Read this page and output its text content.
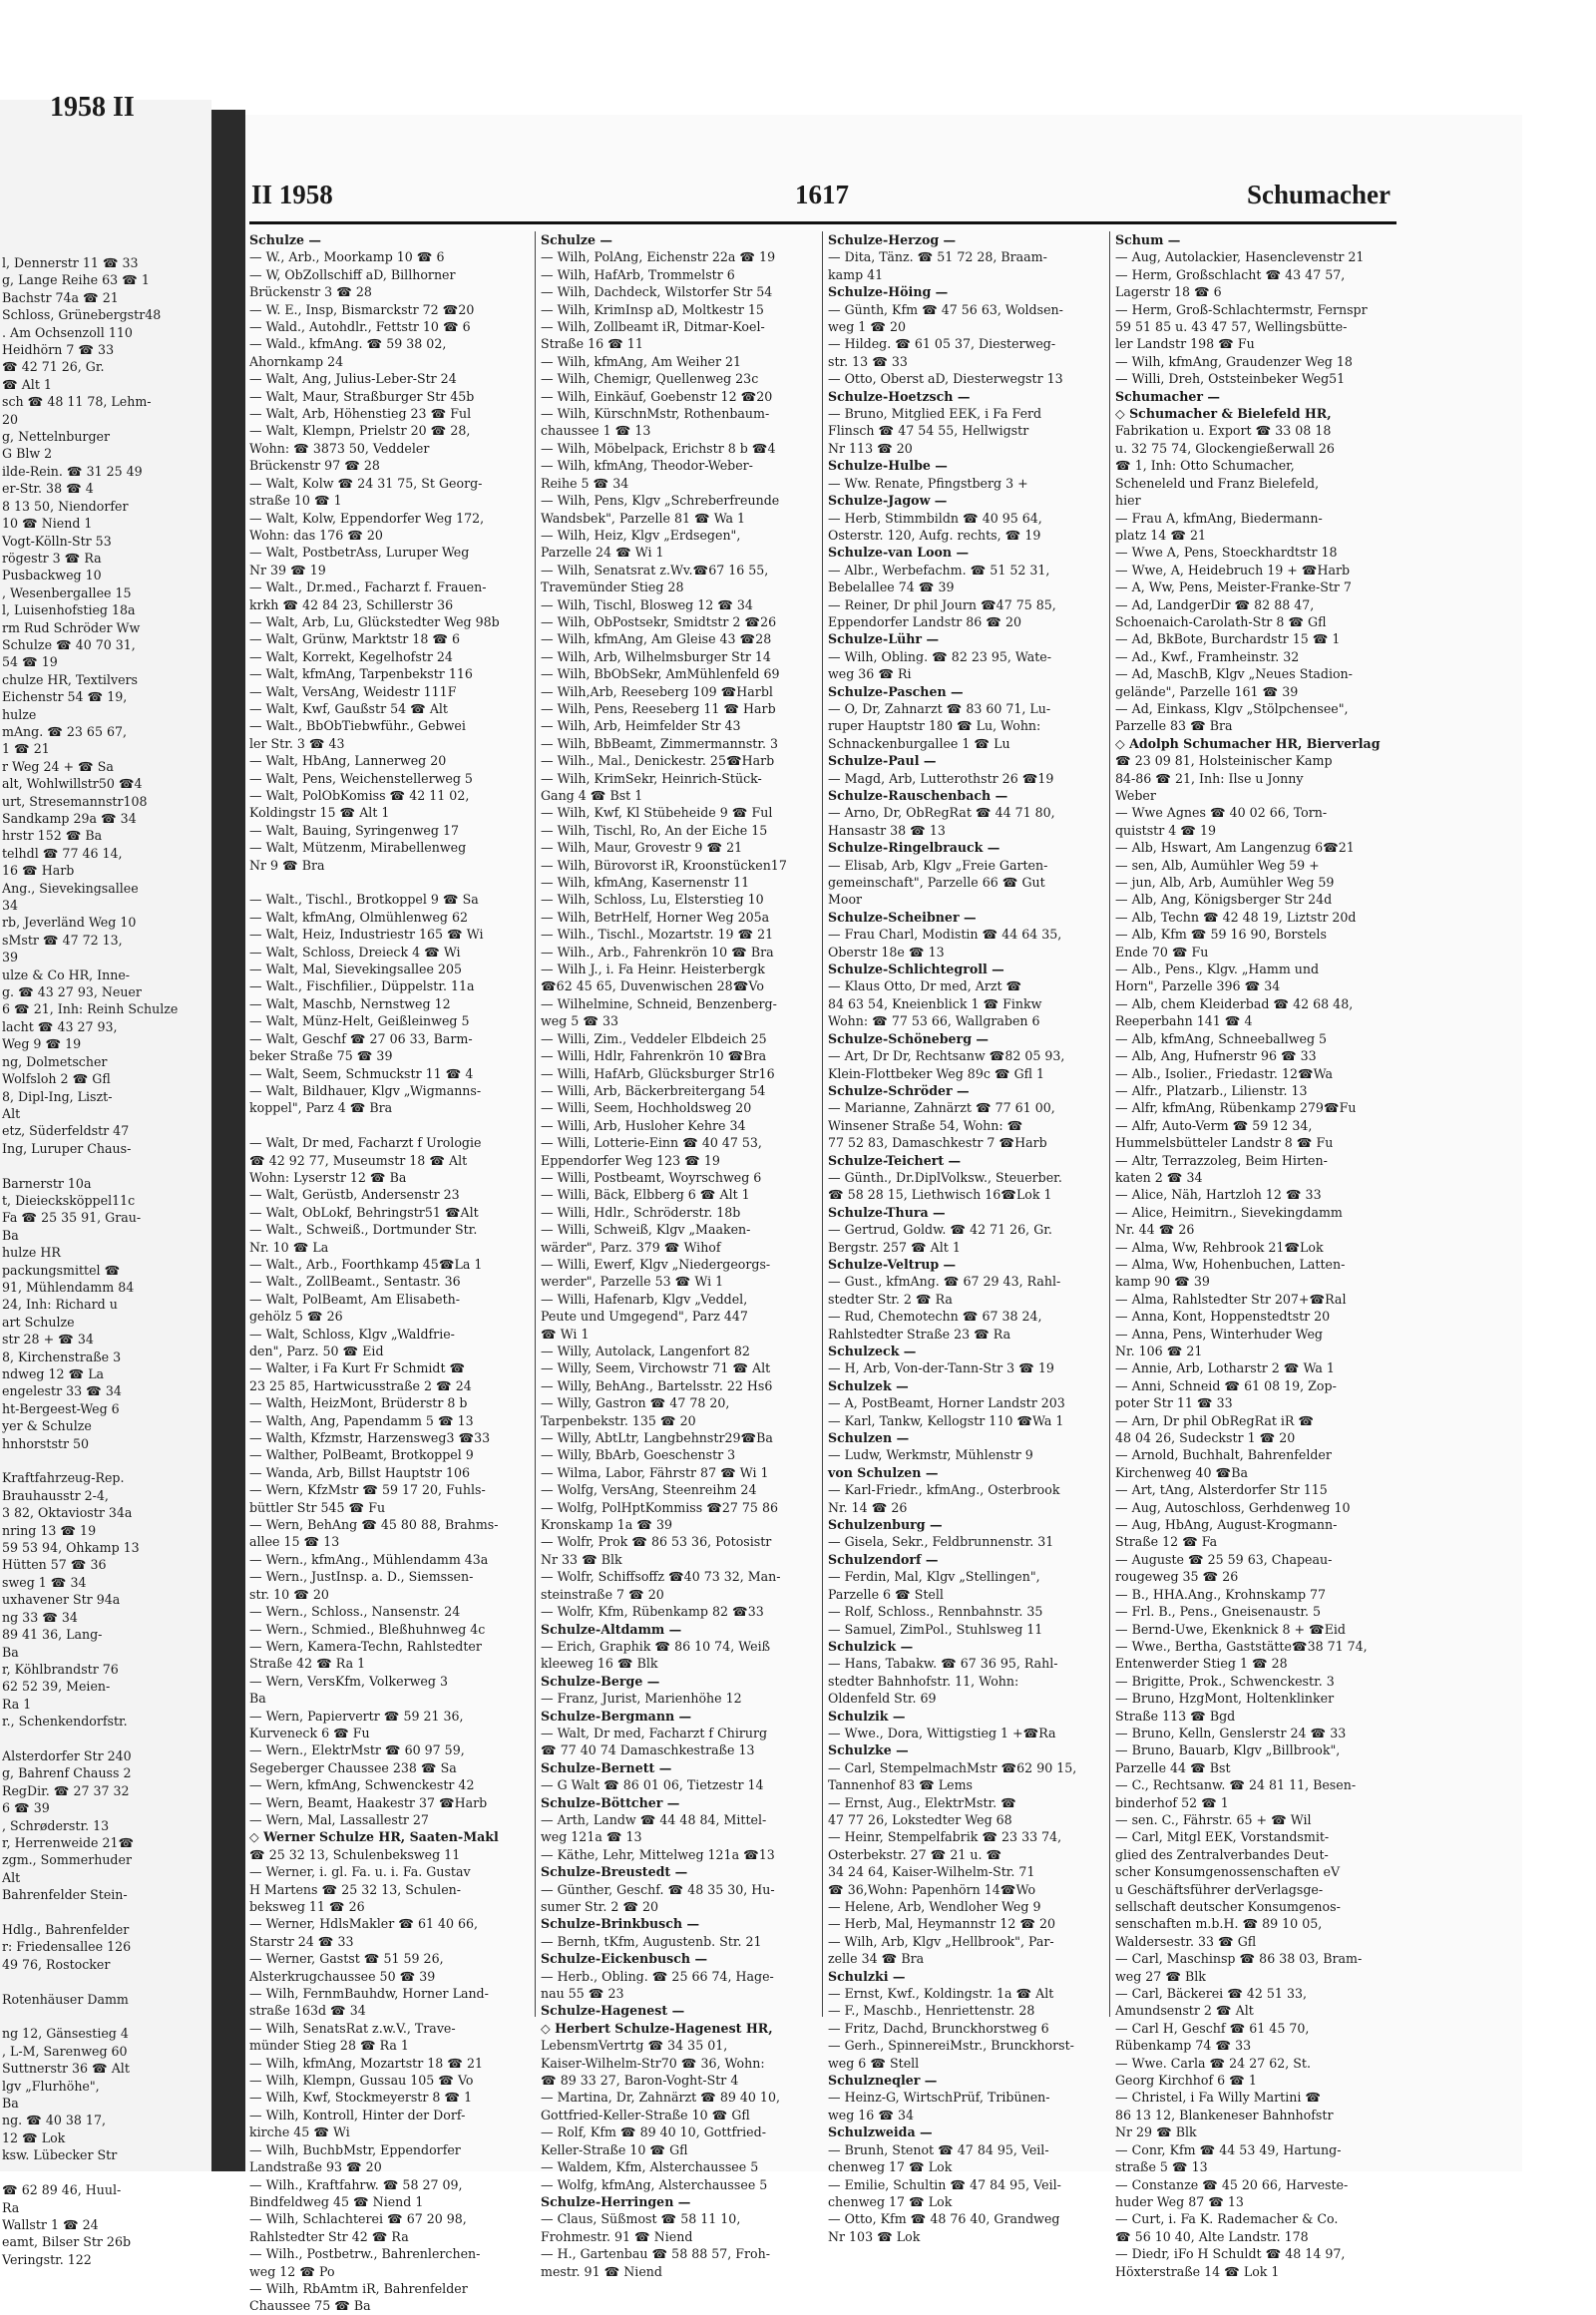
1958 II
l, Dennerstr 11 ☎ 33
g, Lange Reihe 63 ☎ 1
Bachstr 74a ☎ 21
Schloss, Grünebergstr48
. Am Ochsenzoll 110
Heidhörn 7 ☎ 33
☎ 42 71 26, Gr.
☎ Alt 1
sch ☎ 48 11 78, Lehm-
20
g, Nettelnburger
G Blw 2
ilde-Rein. ☎ 31 25 49
er-Str. 38 ☎ 4
8 13 50, Niendorfer
10 ☎ Niend 1
Vogt-Kölln-Str 53
rögestr 3 ☎ Ra
Pusbackweg 10
, Wesenbergallee 15
l, Luisenhofstieg 18a
rm Rud Schröder Ww
Schulze ☎ 40 70 31,
54 ☎ 19
chulze HR, Textilvers
Eichenstr 54 ☎ 19,
hulze
mAng. ☎ 23 65 67,
1 ☎ 21
r Weg 24 + ☎ Sa
alt, Wohlwillstr50 ☎4
urt, Stresemannstr108
Sandkamp 29a ☎ 34
hrstr 152 ☎ Ba
telhdl ☎ 77 46 14,
16 ☎ Harb
Ang., Sievekingsallee
34
rb, Jeverländ Weg 10
sMstr ☎ 47 72 13,
39
ulze & Co HR, Inne-
g. ☎ 43 27 93, Neuer
6 ☎ 21, Inh: Reinh Schulze
lacht ☎ 43 27 93,
Weg 9 ☎ 19
ng, Dolmetscher
Wolfsloh 2 ☎ Gfl
8, Dipl-Ing, Liszt-
Alt
etz, Süderfeldstr 47
Ing, Luruper Chaus-

Barnerstr 10a
t, Dieiecksköppel11c
Fa ☎ 25 35 91, Grau-
Ba
hulze HR
packungsmittel ☎
91, Mühlendamm 84
24, Inh: Richard u
art Schulze
str 28 + ☎ 34
8, Kirchenstraße 3
ndweg 12 ☎ La
engelestr 33 ☎ 34
ht-Bergeest-Weg 6
yer & Schulze
hnhorststr 50

Kraftfahrzeug-Rep.
Brauhausstr 2-4,
3 82, Oktaviostr 34a
nring 13 ☎ 19
59 53 94, Ohkamp 13
Hütten 57 ☎ 36
sweg 1 ☎ 34
uxhavener Str 94a
ng 33 ☎ 34
89 41 36, Lang-
Ba
r, Köhlbrandstr 76
62 52 39, Meien-
Ra 1
r., Schenkendorfstr.

Alsterdorfer Str 240
g, Bahrenf Chauss 2
RegDir. ☎ 27 37 32
6 ☎ 39
, Schrøderstr. 13
r, Herrenweide 21☎
zgm., Sommerhuder
Alt
Bahrenfelder Stein-

Hdlg., Bahrenfelder
r: Friedensallee 126
49 76, Rostocker

Rotenhäuser Damm

ng 12, Gänsestieg 4
, L-M, Sarenweg 60
Suttnerstr 36 ☎ Alt
lgv „Flurhöhe",
Ba
ng. ☎ 40 38 17,
12 ☎ Lok
ksw. Lübecker Str

☎ 62 89 46, Huul-
Ra
Wallstr 1 ☎ 24
eamt, Bilser Str 26b
Veringstr. 122
II 1958	1617	Schumacher
Schulze —
— W., Arb., Moorkamp 10 ☎ 6
— W, ObZollschiff aD, Billhorner
Brückenstr 3 ☎ 28
— W. E., Insp, Bismarckstr 72 ☎20
— Wald., Autohdlr., Fettstr 10 ☎ 6
— Wald., kfmAng. ☎ 59 38 02,
Ahornkamp 24
— Walt, Ang, Julius-Leber-Str 24
— Walt, Maur, Straßburger Str 45b
— Walt, Arb, Höhenstieg 23 ☎ Ful
— Walt, Klempn, Prielstr 20 ☎ 28,
Wohn: ☎ 3873 50, Veddeler
Brückenstr 97 ☎ 28
— Walt, Kolw ☎ 24 31 75, St Georg-
straße 10 ☎ 1
— Walt, Kolw, Eppendorfer Weg 172,
Wohn: das 176 ☎ 20
— Walt, PostbetrAss, Luruper Weg
Nr 39 ☎ 19
— Walt., Dr.med., Facharzt f. Frauen-
krkh ☎ 42 84 23, Schillerstr 36
— Walt, Arb, Lu, Glückstedter Weg 98b
— Walt, Grünw, Marktstr 18 ☎ 6
— Walt, Korrekt, Kegelhofstr 24
— Walt, kfmAng, Tarpenbekstr 116
— Walt, VersAng, Weidestr 111F
— Walt, Kwf, Gaußstr 54 ☎ Alt
— Walt., BbObTiebwführ., Gebwei
ler Str. 3 ☎ 43
— Walt, HbAng, Lannerweg 20
— Walt, Pens, Weichenstellerweg 5
— Walt, PolObKomiss ☎ 42 11 02,
Koldingstr 15 ☎ Alt 1
— Walt, Bauing, Syringenweg 17
— Walt, Mützenm, Mirabellenweg
Nr 9 ☎ Bra

— Walt., Tischl., Brotkoppel 9 ☎ Sa
— Walt, kfmAng, Olmühlenweg 62
— Walt, Heiz, Industriestr 165 ☎ Wi
— Walt, Schloss, Dreieck 4 ☎ Wi
— Walt, Mal, Sievekingsallee 205
— Walt., Fischfilier., Düppelstr. 11a
— Walt, Maschb, Nernstweg 12
— Walt, Münz-Helt, Geißleinweg 5
— Walt, Geschf ☎ 27 06 33, Barm-
beker Straße 75 ☎ 39
— Walt, Seem, Schmuckstr 11 ☎ 4
— Walt, Bildhauer, Klgv „Wigmanns-
koppel", Parz 4 ☎ Bra

— Walt, Dr med, Facharzt f Urologie
☎ 42 92 77, Museumstr 18 ☎ Alt
Wohn: Lyserstr 12 ☎ Ba
— Walt, Gerüstb, Andersenstr 23
— Walt, ObLokf, Behringstr51 ☎Alt
— Walt., Schweiß., Dortmunder Str.
Nr. 10 ☎ La
— Walt., Arb., Foorthkamp 45☎La 1
— Walt., ZollBeamt., Sentastr. 36
— Walt, PolBeamt, Am Elisabeth-
gehölz 5 ☎ 26
— Walt, Schloss, Klgv „Waldfrie-
den", Parz. 50 ☎ Eid
— Walter, i Fa Kurt Fr Schmidt ☎
23 25 85, Hartwicusstraße 2 ☎ 24
— Walth, HeizMont, Brüderstr 8 b
— Walth, Ang, Papendamm 5 ☎ 13
— Walth, Kfzmstr, Harzensweg3 ☎33
— Walther, PolBeamt, Brotkoppel 9
— Wanda, Arb, Billst Hauptstr 106
— Wern, KfzMstr ☎ 59 17 20, Fuhls-
büttler Str 545 ☎ Fu
— Wern, BehAng ☎ 45 80 88, Brahms-
allee 15 ☎ 13
— Wern., kfmAng., Mühlendamm 43a
— Wern., JustInsp. a. D., Siemssen-
str. 10 ☎ 20
— Wern., Schloss., Nansenstr. 24
— Wern., Schmied., Bleßhuhnweg 4c
— Wern, Kamera-Techn, Rahlstedter
Straße 42 ☎ Ra 1
— Wern, VersKfm, Volkerweg 3
Ba
— Wern, Papiervertr ☎ 59 21 36,
Kurveneck 6 ☎ Fu
— Wern., ElektrMstr ☎ 60 97 59,
Segeberger Chaussee 238 ☎ Sa
— Wern, kfmAng, Schwenckestr 42
— Wern, Beamt, Haakestr 37 ☎Harb
— Wern, Mal, Lassallestr 27
◇ Werner Schulze HR, Saaten-Makl
☎ 25 32 13, Schulenbeksweg 11
— Werner, i. gl. Fa. u. i. Fa. Gustav
H Martens ☎ 25 32 13, Schulen-
beksweg 11 ☎ 26
— Werner, HdlsMakler ☎ 61 40 66,
Starstr 24 ☎ 33
— Werner, Gastst ☎ 51 59 26,
Alsterkrugchaussee 50 ☎ 39
— Wilh, FernmBauhdw, Horner Land-
straße 163d ☎ 34
— Wilh, SenatsRat z.w.V., Trave-
münder Stieg 28 ☎ Ra 1
— Wilh, kfmAng, Mozartstr 18 ☎ 21
— Wilh, Klempn, Gussau 105 ☎ Vo
— Wilh, Kwf, Stockmeyerstr 8 ☎ 1
— Wilh, Kontroll, Hinter der Dorf-
kirche 45 ☎ Wi
— Wilh, BuchbMstr, Eppendorfer
Landstraße 93 ☎ 20
— Wilh., Kraftfahrw. ☎ 58 27 09,
Bindfeldweg 45 ☎ Niend 1
— Wilh, Schlachterei ☎ 67 20 98,
Rahlstedter Str 42 ☎ Ra
— Wilh., Postbetrw., Bahrenlerchen-
weg 12 ☎ Po
— Wilh, RbAmtm iR, Bahrenfelder
Chaussee 75 ☎ Ba
Schulze —
— Wilh, PolAng, Eichenstr 22a ☎ 19
— Wilh, HafArb, Trommelstr 6
— Wilh, Dachdeck, Wilstorfer Str 54
— Wilh, KrimInsp aD, Moltkestr 15
— Wilh, Zollbeamt iR, Ditmar-Koel-
Straße 16 ☎ 11
— Wilh, kfmAng, Am Weiher 21
— Wilh, Chemigr, Quellenweg 23c
— Wilh, Einkäuf, Goebenstr 12 ☎20
— Wilh, KürschnMstr, Rothenbaum-
chaussee 1 ☎ 13
— Wilh, Möbelpack, Erichstr 8 b ☎4
— Wilh, kfmAng, Theodor-Weber-
Reihe 5 ☎ 34
— Wilh, Pens, Klgv „Schreberfreunde
Wandsbek", Parzelle 81 ☎ Wa 1
— Wilh, Heiz, Klgv „Erdsegen",
Parzelle 24 ☎ Wi 1
— Wilh, Senatsrat z.Wv.☎67 16 55,
Travemünder Stieg 28
— Wilh, Tischl, Blosweg 12 ☎ 34
— Wilh, ObPostsekr, Smidtstr 2 ☎26
— Wilh, kfmAng, Am Gleise 43 ☎28
— Wilh, Arb, Wilhelmsburger Str 14
— Wilh, BbObSekr, AmMühlenfeld 69
— Wilh,Arb, Reeseberg 109 ☎Harbl
— Wilh, Pens, Reeseberg 11 ☎ Harb
— Wilh, Arb, Heimfelder Str 43
— Wilh, BbBeamt, Zimmermannstr. 3
— Wilh., Mal., Denickestr. 25☎Harb
— Wilh, KrimSekr, Heinrich-Stück-
Gang 4 ☎ Bst 1
— Wilh, Kwf, Kl Stübeheide 9 ☎ Ful
— Wilh, Tischl, Ro, An der Eiche 15
— Wilh, Maur, Grovestr 9 ☎ 21
— Wilh, Bürovorst iR, Kroonstücken17
— Wilh, kfmAng, Kasernenstr 11
— Wilh, Schloss, Lu, Elsterstieg 10
— Wilh, BetrHelf, Horner Weg 205a
— Wilh., Tischl., Mozartstr. 19 ☎ 21
— Wilh., Arb., Fahrenkrön 10 ☎ Bra
— Wilh J., i. Fa Heinr. Heisterbergk
☎62 45 65, Duvenwischen 28☎Vo
— Wilhelmine, Schneid, Benzenberg-
weg 5 ☎ 33
— Willi, Zim., Veddeler Elbdeich 25
— Willi, Hdlr, Fahrenkrön 10 ☎Bra
— Willi, HafArb, Glücksburger Str16
— Willi, Arb, Bäckerbreitergang 54
— Willi, Seem, Hochholdsweg 20
— Willi, Arb, Husloher Kehre 34
— Willi, Lotterie-Einn ☎ 40 47 53,
Eppendorfer Weg 123 ☎ 19
— Willi, Postbeamt, Woyrschweg 6
— Willi, Bäck, Elbberg 6 ☎ Alt 1
— Willi, Hdlr., Schröderstr. 18b
— Willi, Schweiß, Klgv „Maaken-
wärder", Parz. 379 ☎ Wihof
— Willi, Ewerf, Klgv „Niedergeorgs-
werder", Parzelle 53 ☎ Wi 1
— Willi, Hafenarb, Klgv „Veddel,
Peute und Umgegend", Parz 447
☎ Wi 1
— Willy, Autolack, Langenfort 82
— Willy, Seem, Virchowstr 71 ☎ Alt
— Willy, BehAng., Bartelsstr. 22 Hs6
— Willy, Gastron ☎ 47 78 20,
Tarpenbekstr. 135 ☎ 20
— Willy, AbtLtr, Langbehnstr29☎Ba
— Willy, BbArb, Goeschenstr 3
— Wilma, Labor, Fährstr 87 ☎ Wi 1
— Wolfg, VersAng, Steenreihm 24
— Wolfg, PolHptKommiss ☎27 75 86
Kronskamp 1a ☎ 39
— Wolfr, Prok ☎ 86 53 36, Potosistr
Nr 33 ☎ Blk
— Wolfr, Schiffsoffz ☎40 73 32, Man-
steinstraße 7 ☎ 20
— Wolfr, Kfm, Rübenkamp 82 ☎33
Schulze-Altdamm —
— Erich, Graphik ☎ 86 10 74, Weiß
kleeweg 16 ☎ Blk
Schulze-Berge —
— Franz, Jurist, Marienhöhe 12
Schulze-Bergmann —
— Walt, Dr med, Facharzt f Chirurg
☎ 77 40 74 Damaschkestraße 13
Schulze-Bernett —
— G Walt ☎ 86 01 06, Tietzestr 14
Schulze-Böttcher —
— Arth, Landw ☎ 44 48 84, Mittel-
weg 121a ☎ 13
— Käthe, Lehr, Mittelweg 121a ☎13
Schulze-Breustedt —
— Günther, Geschf. ☎ 48 35 30, Hu-
sumer Str. 2 ☎ 20
Schulze-Brinkbusch —
— Bernh, tKfm, Augustenb. Str. 21
Schulze-Eickenbusch —
— Herb., Obling. ☎ 25 66 74, Hage-
nau 55 ☎ 23
Schulze-Hagenest —
◇ Herbert Schulze-Hagenest HR,
LebensmVertrtg ☎ 34 35 01,
Kaiser-Wilhelm-Str70 ☎ 36, Wohn:
☎ 89 33 27, Baron-Voght-Str 4
— Martina, Dr, Zahnärzt ☎ 89 40 10,
Gottfried-Keller-Straße 10 ☎ Gfl
— Rolf, Kfm ☎ 89 40 10, Gottfried-
Keller-Straße 10 ☎ Gfl
— Waldem, Kfm, Alsterchaussee 5
— Wolfg, kfmAng, Alsterchaussee 5
Schulze-Herringen —
— Claus, Süßmost ☎ 58 11 10,
Frohmestr. 91 ☎ Niend
— H., Gartenbau ☎ 58 88 57, Froh-
mestr. 91 ☎ Niend
Schulze-Herzog —
— Dita, Tänz. ☎ 51 72 28, Braam-
kamp 41
Schulze-Höing —
— Günth, Kfm ☎ 47 56 63, Woldsen-
weg 1 ☎ 20
— Hildeg. ☎ 61 05 37, Diesterweg-
str. 13 ☎ 33
— Otto, Oberst aD, Diesterwegstr 13
Schulze-Hoetzsch —
— Bruno, Mitglied EEK, i Fa Ferd
Flinsch ☎ 47 54 55, Hellwigstr
Nr 113 ☎ 20
Schulze-Hulbe —
— Ww. Renate, Pfingstberg 3 +
Schulze-Jagow —
— Herb, Stimmbildn ☎ 40 95 64,
Osterstr. 120, Aufg. rechts, ☎ 19
Schulze-van Loon —
— Albr., Werbefachm. ☎ 51 52 31,
Bebelallee 74 ☎ 39
— Reiner, Dr phil Journ ☎47 75 85,
Eppendorfer Landstr 86 ☎ 20
Schulze-Lühr —
— Wilh, Obling. ☎ 82 23 95, Wate-
weg 36 ☎ Ri
Schulze-Paschen —
— O, Dr, Zahnarzt ☎ 83 60 71, Lu-
ruper Hauptstr 180 ☎ Lu, Wohn:
Schnackenburgallee 1 ☎ Lu
Schulze-Paul —
— Magd, Arb, Lutterothstr 26 ☎19
Schulze-Rauschenbach —
— Arno, Dr, ObRegRat ☎ 44 71 80,
Hansastr 38 ☎ 13
Schulze-Ringelbrauck —
— Elisab, Arb, Klgv „Freie Garten-
gemeinschaft", Parzelle 66 ☎ Gut
Moor
Schulze-Scheibner —
— Frau Charl, Modistin ☎ 44 64 35,
Oberstr 18e ☎ 13
Schulze-Schlichtegroll —
— Klaus Otto, Dr med, Arzt ☎
84 63 54, Kneienblick 1 ☎ Finkw
Wohn: ☎ 77 53 66, Wallgraben 6
Schulze-Schöneberg —
— Art, Dr Dr, Rechtsanw ☎82 05 93,
Klein-Flottbeker Weg 89c ☎ Gfl 1
Schulze-Schröder —
— Marianne, Zahnärzt ☎ 77 61 00,
Winsener Straße 54, Wohn: ☎
77 52 83, Damaschkestr 7 ☎Harb
Schulze-Teichert —
— Günth., Dr.DiplVolksw., Steuerber.
☎ 58 28 15, Liethwisch 16☎Lok 1
Schulze-Thura —
— Gertrud, Goldw. ☎ 42 71 26, Gr.
Bergstr. 257 ☎ Alt 1
Schulze-Veltrup —
— Gust., kfmAng. ☎ 67 29 43, Rahl-
stedter Str. 2 ☎ Ra
— Rud, Chemotechn ☎ 67 38 24,
Rahlstedter Straße 23 ☎ Ra
Schulzeck —
— H, Arb, Von-der-Tann-Str 3 ☎ 19
Schulzek —
— A, PostBeamt, Horner Landstr 203
— Karl, Tankw, Kellogstr 110 ☎Wa 1
Schulzen —
— Ludw, Werkmstr, Mühlenstr 9
von Schulzen —
— Karl-Friedr., kfmAng., Osterbrook
Nr. 14 ☎ 26
Schulzenburg —
— Gisela, Sekr., Feldbrunnenstr. 31
Schulzendorf —
— Ferdin, Mal, Klgv „Stellingen",
Parzelle 6 ☎ Stell
— Rolf, Schloss., Rennbahnstr. 35
— Samuel, ZimPol., Stuhlsweg 11
Schulzick —
— Hans, Tabakw. ☎ 67 36 95, Rahl-
stedter Bahnhofstr. 11, Wohn:
Oldenfeld Str. 69
Schulzik —
— Wwe., Dora, Wittigstieg 1 +☎Ra
Schulzke —
— Carl, StempelmachMstr ☎62 90 15,
Tannenhof 83 ☎ Lems
— Ernst, Aug., ElektrMstr. ☎
47 77 26, Lokstedter Weg 68
— Heinr, Stempelfabrik ☎ 23 33 74,
Osterbekstr. 27 ☎ 21 u. ☎
34 24 64, Kaiser-Wilhelm-Str. 71
☎ 36,Wohn: Papenhörn 14☎Wo
— Helene, Arb, Wendloher Weg 9
— Herb, Mal, Heymannstr 12 ☎ 20
— Wilh, Arb, Klgv „Hellbrook", Par-
zelle 34 ☎ Bra
Schulzki —
— Ernst, Kwf., Koldingstr. 1a ☎ Alt
— F., Maschb., Henriettenstr. 28
— Fritz, Dachd, Brunckhorstweg 6
— Gerh., SpinnereiMstr., Brunckhorst-
weg 6 ☎ Stell
Schulzneqler —
— Heinz-G, WirtschPrüf, Tribünen-
weg 16 ☎ 34
Schulzweida —
— Brunh, Stenot ☎ 47 84 95, Veil-
chenweg 17 ☎ Lok
— Emilie, Schultin ☎ 47 84 95, Veil-
chenweg 17 ☎ Lok
— Otto, Kfm ☎ 48 76 40, Grandweg
Nr 103 ☎ Lok
Schum —
— Aug, Autolackier, Hasenclevenstr 21
— Herm, Großschlacht ☎ 43 47 57,
Lagerstr 18 ☎ 6
— Herm, Groß-Schlachtermstr, Fernspr
59 51 85 u. 43 47 57, Wellingsbütte-
ler Landstr 198 ☎ Fu
— Wilh, kfmAng, Graudenzer Weg 18
— Willi, Dreh, Oststeinbeker Weg51
Schumacher —
◇ Schumacher & Bielefeld HR,
Fabrikation u. Export ☎ 33 08 18
u. 32 75 74, Glockengießerwall 26
☎ 1, Inh: Otto Schumacher,
Scheneleld und Franz Bielefeld,
hier
— Frau A, kfmAng, Biedermann-
platz 14 ☎ 21
— Wwe A, Pens, Stoeckhardtstr 18
— Wwe, A, Heidebruch 19 + ☎Harb
— A, Ww, Pens, Meister-Franke-Str 7
— Ad, LandgerDir ☎ 82 88 47,
Schoenaich-Carolath-Str 8 ☎ Gfl
— Ad, BkBote, Burchardstr 15 ☎ 1
— Ad., Kwf., Framheinstr. 32
— Ad, MaschB, Klgv „Neues Stadion-
gelände", Parzelle 161 ☎ 39
— Ad, Einkass, Klgv „Stölpchensee",
Parzelle 83 ☎ Bra
◇ Adolph Schumacher HR, Bierverlag
☎ 23 09 81, Holsteinischer Kamp
84-86 ☎ 21, Inh: Ilse u Jonny
Weber
— Wwe Agnes ☎ 40 02 66, Torn-
quiststr 4 ☎ 19
— Alb, Hswart, Am Langenzug 6☎21
— sen, Alb, Aumühler Weg 59 +
— jun, Alb, Arb, Aumühler Weg 59
— Alb, Ang, Königsberger Str 24d
— Alb, Techn ☎ 42 48 19, Liztstr 20d
— Alb, Kfm ☎ 59 16 90, Borstels
Ende 70 ☎ Fu
— Alb., Pens., Klgv. „Hamm und
Horn", Parzelle 396 ☎ 34
— Alb, chem Kleiderbad ☎ 42 68 48,
Reeperbahn 141 ☎ 4
— Alb, kfmAng, Schneeballweg 5
— Alb, Ang, Hufnerstr 96 ☎ 33
— Alb., Isolier., Friedastr. 12☎Wa
— Alfr., Platzarb., Lilienstr. 13
— Alfr, kfmAng, Rübenkamp 279☎Fu
— Alfr, Auto-Verm ☎ 59 12 34,
Hummelsbütteler Landstr 8 ☎ Fu
— Altr, Terrazzoleg, Beim Hirten-
katen 2 ☎ 34
— Alice, Näh, Hartzloh 12 ☎ 33
— Alice, Heimitrn., Sievekingdamm
Nr. 44 ☎ 26
— Alma, Ww, Rehbrook 21☎Lok
— Alma, Ww, Hohenbuchen, Latten-
kamp 90 ☎ 39
— Alma, Rahlstedter Str 207+☎Ral
— Anna, Kont, Hoppenstedtstr 20
— Anna, Pens, Winterhuder Weg
Nr. 106 ☎ 21
— Annie, Arb, Lotharstr 2 ☎ Wa 1
— Anni, Schneid ☎ 61 08 19, Zop-
poter Str 11 ☎ 33
— Arn, Dr phil ObRegRat iR ☎
48 04 26, Sudeckstr 1 ☎ 20
— Arnold, Buchhalt, Bahrenfelder
Kirchenweg 40 ☎Ba
— Art, tAng, Alsterdorfer Str 115
— Aug, Autoschloss, Gerhdenweg 10
— Aug, HbAng, August-Krogmann-
Straße 12 ☎ Fa
— Auguste ☎ 25 59 63, Chapeau-
rougeweg 35 ☎ 26
— B., HHA.Ang., Krohnskamp 77
— Frl. B., Pens., Gneisenaustr. 5
— Bernd-Uwe, Ekenknick 8 + ☎Eid
— Wwe., Bertha, Gaststätte☎38 71 74,
Entenwerder Stieg 1 ☎ 28
— Brigitte, Prok., Schwenckestr. 3
— Bruno, HzgMont, Holtenklinker
Straße 113 ☎ Bgd
— Bruno, Kelln, Genslerstr 24 ☎ 33
— Bruno, Bauarb, Klgv „Billbrook",
Parzelle 44 ☎ Bst
— C., Rechtsanw. ☎ 24 81 11, Besen-
binderhof 52 ☎ 1
— sen. C., Fährstr. 65 + ☎ Wil
— Carl, Mitgl EEK, Vorstandsmit-
glied des Zentralverbandes Deut-
scher Konsumgenossenschaften eV
u Geschäftsführer derVerlagsge-
sellschaft deutscher Konsumgenos-
senschaften m.b.H. ☎ 89 10 05,
Waldersestr. 33 ☎ Gfl
— Carl, Maschinsp ☎ 86 38 03, Bram-
weg 27 ☎ Blk
— Carl, Bäckerei ☎ 42 51 33,
Amundsenstr 2 ☎ Alt
— Carl H, Geschf ☎ 61 45 70,
Rübenkamp 74 ☎ 33
— Wwe. Carla ☎ 24 27 62, St.
Georg Kirchhof 6 ☎ 1
— Christel, i Fa Willy Martini ☎
86 13 12, Blankeneser Bahnhofstr
Nr 29 ☎ Blk
— Conr, Kfm ☎ 44 53 49, Hartung-
straße 5 ☎ 13
— Constanze ☎ 45 20 66, Harveste-
huder Weg 87 ☎ 13
— Curt, i. Fa K. Rademacher & Co.
☎ 56 10 40, Alte Landstr. 178
— Diedr, iFo H Schuldt ☎ 48 14 97,
Höxterstraße 14 ☎ Lok 1
